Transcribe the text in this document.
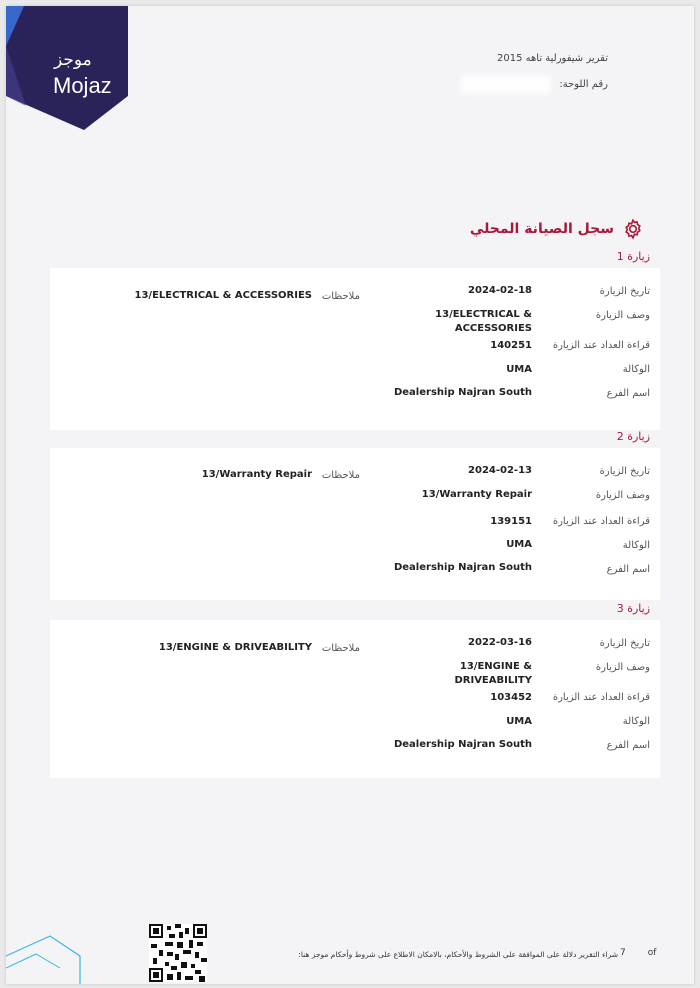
موجز
Mojaz
تقرير شيفورلية تاهه 2015
رقم اللوحة:
سجل الصيانة المحلي
زيارة 1
تاريخ الزيارة
2024-02-18
وصف الزيارة
13/ELECTRICAL & ACCESSORIES
قراءة العداد عند الزيارة
140251
الوكالة
UMA
اسم الفرع
Dealership Najran South
ملاحظات
13/ELECTRICAL & ACCESSORIES
زيارة 2
تاريخ الزيارة
2024-02-13
وصف الزيارة
13/Warranty Repair
قراءة العداد عند الزيارة
139151
الوكالة
UMA
اسم الفرع
Dealership Najran South
ملاحظات
13/Warranty Repair
زيارة 3
تاريخ الزيارة
2022-03-16
وصف الزيارة
13/ENGINE & DRIVEABILITY
قراءة العداد عند الزيارة
103452
الوكالة
UMA
اسم الفرع
Dealership Najran South
ملاحظات
13/ENGINE & DRIVEABILITY
شراء التقرير دلالة على الموافقة على الشروط والأحكام، بالامكان الاطلاع على شروط وأحكام موجز هنا: 7 of
